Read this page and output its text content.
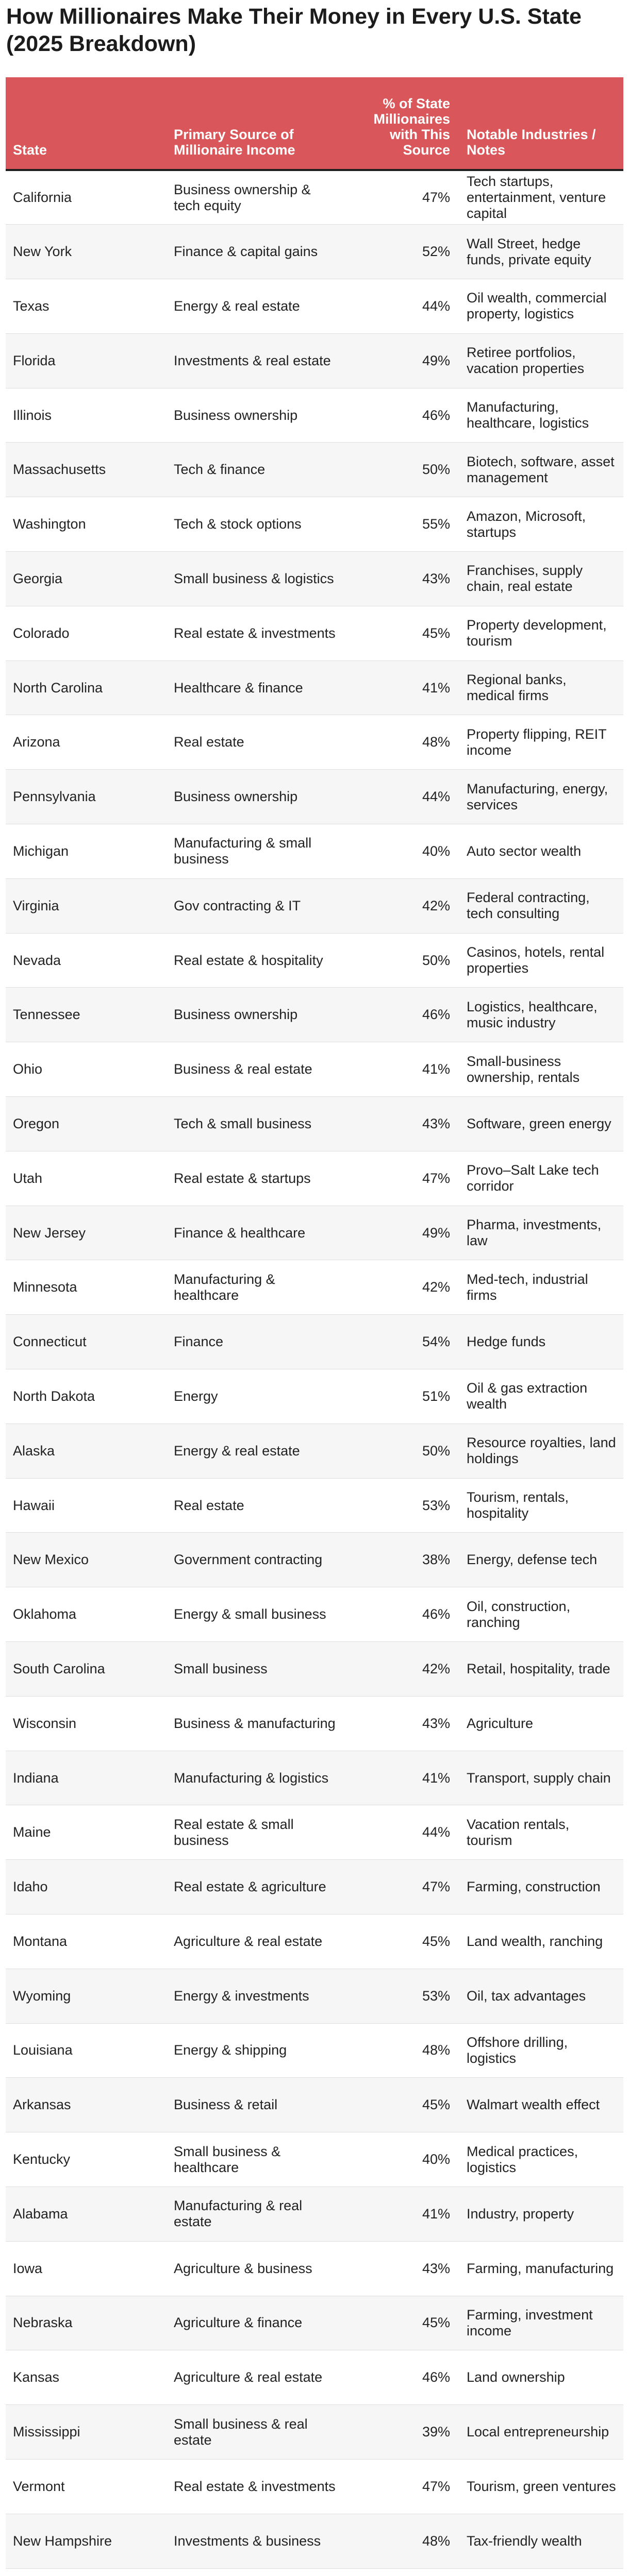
How Millionaires Make Their Money in Every U.S. State (2025 Breakdown)
State	Primary Source of Millionaire Income	% of State Millionaires with This Source	Notable Industries / Notes
California	Business ownership & tech equity	47%	Tech startups, entertainment, venture capital
New York	Finance & capital gains	52%	Wall Street, hedge funds, private equity
Texas	Energy & real estate	44%	Oil wealth, commercial property, logistics
Florida	Investments & real estate	49%	Retiree portfolios, vacation properties
Illinois	Business ownership	46%	Manufacturing, healthcare, logistics
Massachusetts	Tech & finance	50%	Biotech, software, asset management
Washington	Tech & stock options	55%	Amazon, Microsoft, startups
Georgia	Small business & logistics	43%	Franchises, supply chain, real estate
Colorado	Real estate & investments	45%	Property development, tourism
North Carolina	Healthcare & finance	41%	Regional banks, medical firms
Arizona	Real estate	48%	Property flipping, REIT income
Pennsylvania	Business ownership	44%	Manufacturing, energy, services
Michigan	Manufacturing & small business	40%	Auto sector wealth
Virginia	Gov contracting & IT	42%	Federal contracting, tech consulting
Nevada	Real estate & hospitality	50%	Casinos, hotels, rental properties
Tennessee	Business ownership	46%	Logistics, healthcare, music industry
Ohio	Business & real estate	41%	Small-business ownership, rentals
Oregon	Tech & small business	43%	Software, green energy
Utah	Real estate & startups	47%	Provo–Salt Lake tech corridor
New Jersey	Finance & healthcare	49%	Pharma, investments, law
Minnesota	Manufacturing & healthcare	42%	Med-tech, industrial firms
Connecticut	Finance	54%	Hedge funds
North Dakota	Energy	51%	Oil & gas extraction wealth
Alaska	Energy & real estate	50%	Resource royalties, land holdings
Hawaii	Real estate	53%	Tourism, rentals, hospitality
New Mexico	Government contracting	38%	Energy, defense tech
Oklahoma	Energy & small business	46%	Oil, construction, ranching
South Carolina	Small business	42%	Retail, hospitality, trade
Wisconsin	Business & manufacturing	43%	Agriculture
Indiana	Manufacturing & logistics	41%	Transport, supply chain
Maine	Real estate & small business	44%	Vacation rentals, tourism
Idaho	Real estate & agriculture	47%	Farming, construction
Montana	Agriculture & real estate	45%	Land wealth, ranching
Wyoming	Energy & investments	53%	Oil, tax advantages
Louisiana	Energy & shipping	48%	Offshore drilling, logistics
Arkansas	Business & retail	45%	Walmart wealth effect
Kentucky	Small business & healthcare	40%	Medical practices, logistics
Alabama	Manufacturing & real estate	41%	Industry, property
Iowa	Agriculture & business	43%	Farming, manufacturing
Nebraska	Agriculture & finance	45%	Farming, investment income
Kansas	Agriculture & real estate	46%	Land ownership
Mississippi	Small business & real estate	39%	Local entrepreneurship
Vermont	Real estate & investments	47%	Tourism, green ventures
New Hampshire	Investments & business	48%	Tax-friendly wealth
